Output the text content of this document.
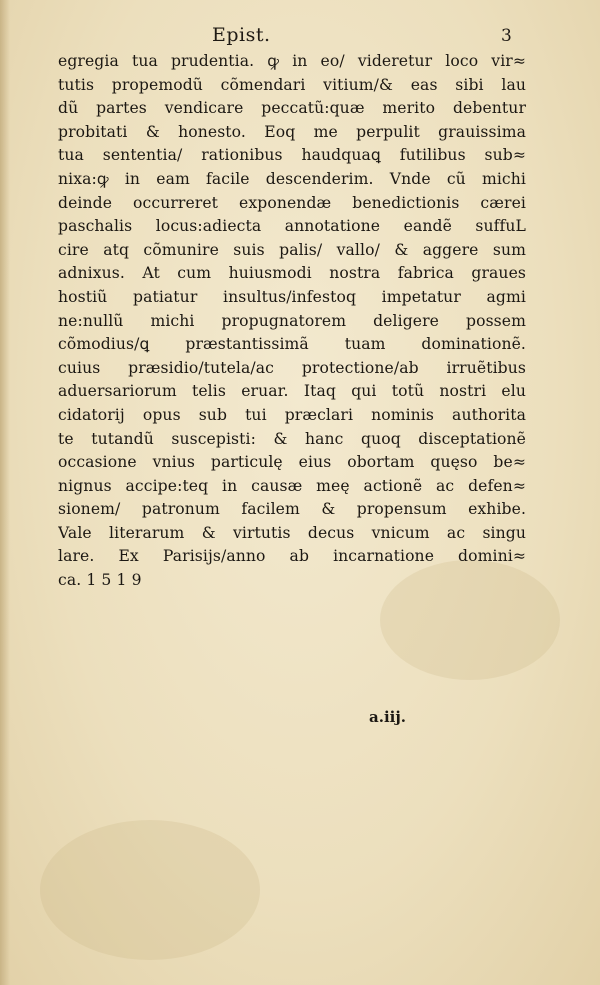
Epist.	3
egregia tua prudentia. ꝙ in eo/ videretur loco vir≈
tutis propemodũ cõmendari vitium/& eas sibi lau
dũ partes vendicare peccatũ:quæ merito debentur
probitati & honesto. Eoq me perpulit grauissima
tua sententia/ rationibus haudquaꝗ futilibus sub≈
nixa:ꝙ in eam facile descenderim. Vnde cũ michi
deinde occurreret exponendæ benedictionis cærei
paschalis locus:adiecta annotatione eandẽ suffuL
cire atq cõmunire suis palis/ vallo/ & aggere sum
adnixus. At cum huiusmodi nostra fabrica graues
hostiũ patiatur insultus/infestoq impetatur agmi
ne:nullũ michi propugnatorem deligere possem
cõmodius/ꝗ præstantissimã tuam dominationẽ.
cuius præsidio/tutela/ac protectione/ab irruẽtibus
aduersariorum telis eruar. Itaq qui totũ nostri elu
cidatorij opus sub tui præclari nominis authorita
te tutandũ suscepisti: & hanc quoq disceptationẽ
occasione vnius particulę eius obortam quęso be≈
nignus accipe:teq in causæ meę actionẽ ac defen≈
sionem/ patronum facilem & propensum exhibe.
Vale literarum & virtutis decus vnicum ac singu
lare. Ex Parisijs/anno ab incarnatione domini≈
ca. 1 5 1 9
a.iij.
